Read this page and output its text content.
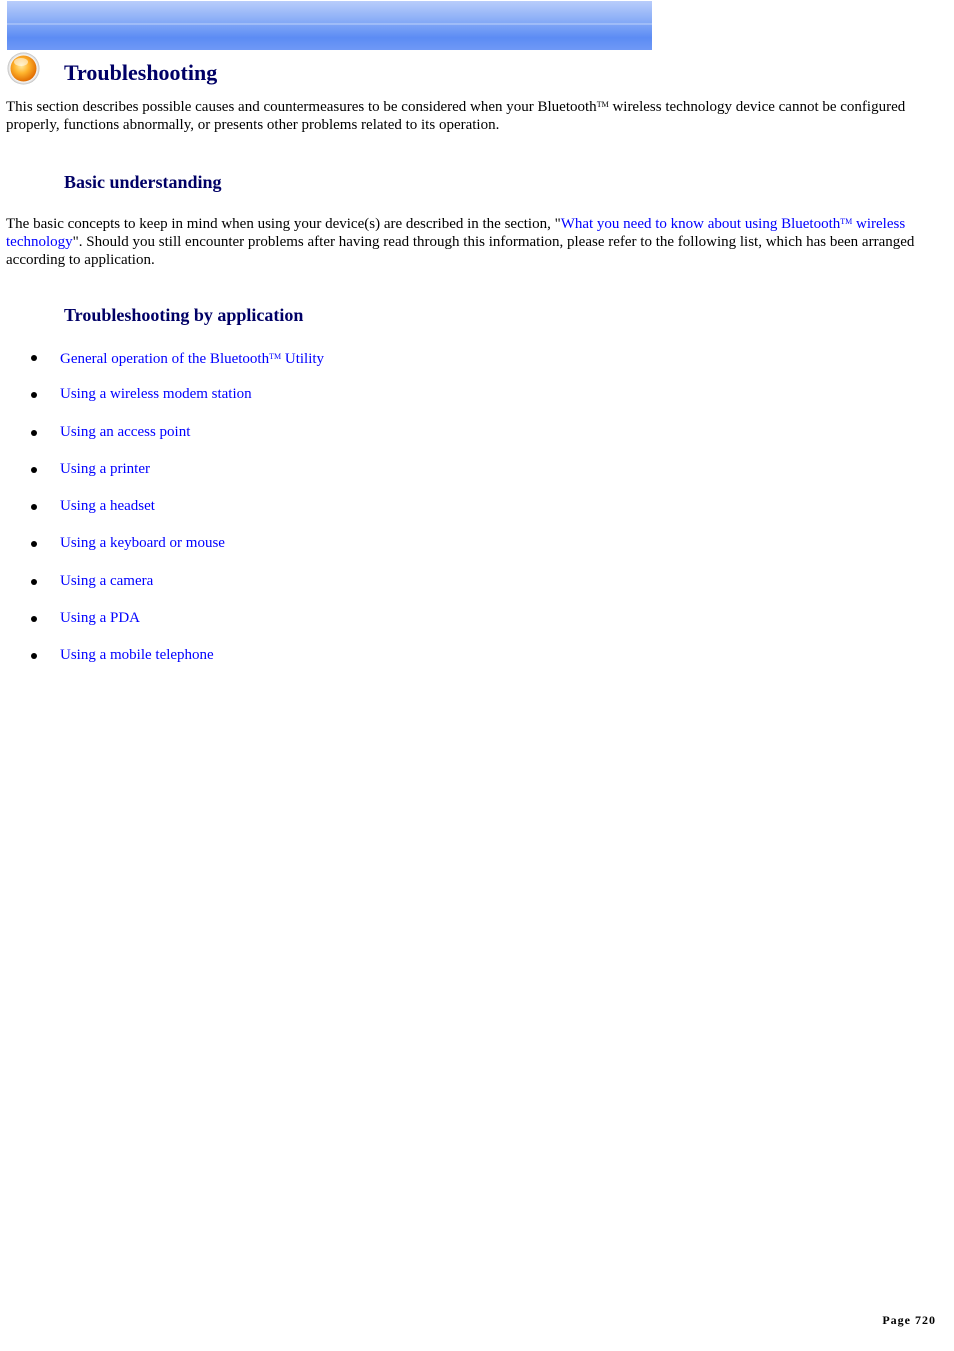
Troubleshooting

This section describes possible causes and countermeasures to be considered when your Bluetooth™ wireless technology device cannot be configured properly, functions abnormally, or presents other problems related to its operation.

Basic understanding

The basic concepts to keep in mind when using your device(s) are described in the section, "What you need to know about using Bluetooth™ wireless technology". Should you still encounter problems after having read through this information, please refer to the following list, which has been arranged according to application.

Troubleshooting by application
General operation of the Bluetooth™ Utility
Using a wireless modem station
Using an access point
Using a printer
Using a headset
Using a keyboard or mouse
Using a camera
Using a PDA
Using a mobile telephone

Page 720
